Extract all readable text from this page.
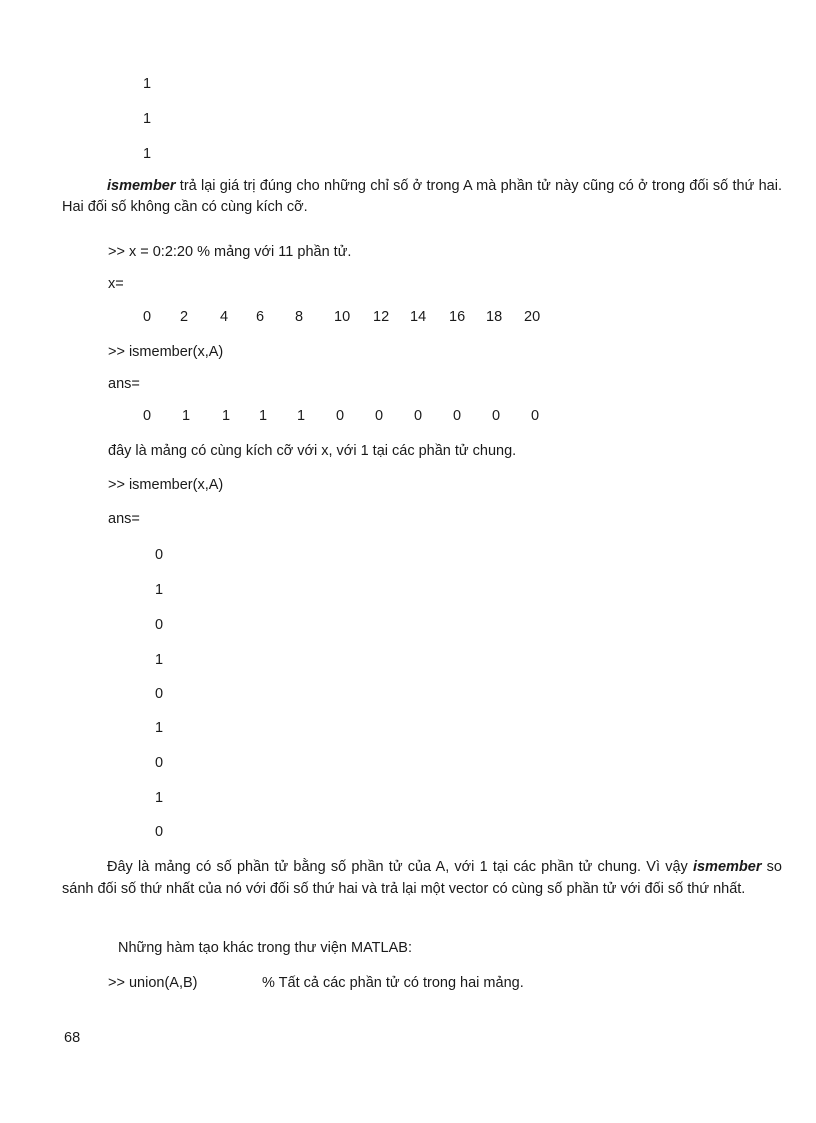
1
1
1
ismember trả lại giá trị đúng cho những chỉ số ở trong A mà phần tử này cũng có ở trong đối số thứ hai. Hai đối số không cần có cùng kích cỡ.
>> x = 0:2:20 % mảng với 11 phần tử.
x=
0 2 4 6 8 10 12 14 16 18 20
>> ismember(x,A)
ans=
0 1 1 1 1 0 0 0 0 0 0
đây là mảng có cùng kích cỡ với x, với 1 tại các phần tử chung.
>> ismember(x,A)
ans=
0
1
0
1
0
1
0
1
0
Đây là mảng có số phần tử bằng số phần tử của A, với 1 tại các phần tử chung. Vì vậy ismember so sánh đối số thứ nhất của nó với đối số thứ hai và trả lại một vector có cùng số phần tử với đối số thứ nhất.
Những hàm tạo khác trong thư viện MATLAB:
>> union(A,B)	% Tất cả các phần tử có trong hai mảng.
68
